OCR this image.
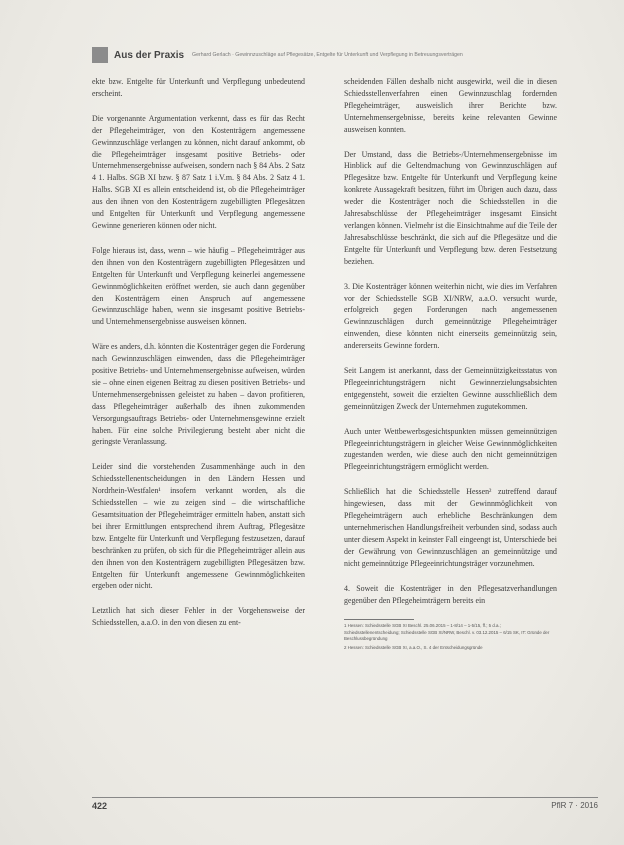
Aus der Praxis Gerhard Gerlach · Gewinnzuschläge auf Pflegesätze, Entgelte für Unterkunft und Verpflegung in Betreuungsverträgen

ekte bzw. Entgelte für Unterkunft und Verpflegung unbedeutend erscheint.

Die vorgenannte Argumentation verkennt, dass es für das Recht der Pflegeheimträger, von den Kostenträgern angemessene Gewinnzuschläge verlangen zu können, nicht darauf ankommt, ob die Pflegeheimträger insgesamt positive Betriebs- oder Unternehmensergebnisse aufweisen, sondern nach § 84 Abs. 2 Satz 4 1. Halbs. SGB XI bzw. § 87 Satz 1 i.V.m. § 84 Abs. 2 Satz 4 1. Halbs. SGB XI es allein entscheidend ist, ob die Pflegeheimträger aus den ihnen von den Kostenträgern zugebilligten Pflegesätzen und Entgelten für Unterkunft und Verpflegung angemessene Gewinne generieren können oder nicht.

Folge hieraus ist, dass, wenn – wie häufig – Pflegeheimträger aus den ihnen von den Kostenträgern zugebilligten Pflegesätzen und Entgelten für Unterkunft und Verpflegung keinerlei angemessene Gewinnmöglichkeiten eröffnet werden, sie auch dann gegenüber den Kostenträgern einen Anspruch auf angemessene Gewinnzuschläge haben, wenn sie insgesamt positive Betriebs- und Unternehmensergebnisse ausweisen können.

Wäre es anders, d.h. könnten die Kostenträger gegen die Forderung nach Gewinnzuschlägen einwenden, dass die Pflegeheimträger positive Betriebs- und Unternehmensergebnisse aufweisen, würden sie – ohne einen eigenen Beitrag zu diesen positiven Betriebs- und Unternehmensergebnissen geleistet zu haben – davon profitieren, dass Pflegeheimträger außerhalb des ihnen zukommenden Versorgungsauftrags Betriebs- oder Unternehmensgewinne erzielt haben. Für eine solche Privilegierung besteht aber nicht die geringste Veranlassung.

Leider sind die vorstehenden Zusammenhänge auch in den Schiedsstellenentscheidungen in den Ländern Hessen und Nordrhein-Westfalen¹ insofern verkannt worden, als die Schiedsstellen – wie zu zeigen sind – die wirtschaftliche Gesamtsituation der Pflegeheimträger ermitteln haben, anstatt sich bei ihrer Ermittlungen entsprechend ihrem Auftrag, Pflegesätze bzw. Entgelte für Unterkunft und Verpflegung festzusetzen, darauf beschränken zu prüfen, ob sich für die Pflegeheimträger allein aus den ihnen von den Kostenträgern zugebilligten Pflegesätzen bzw. Entgelten für Unterkunft angemessene Gewinnmöglichkeiten ergeben oder nicht.

Letztlich hat sich dieser Fehler in der Vorgehensweise der Schiedsstellen, a.a.O. in den von diesen zu ent-

scheidenden Fällen deshalb nicht ausgewirkt, weil die in diesen Schiedsstellenverfahren einen Gewinnzuschlag fordernden Pflegeheimträger, ausweislich ihrer Berichte bzw. Unternehmensergebnisse, bereits keine relevanten Gewinne ausweisen konnten.

Der Umstand, dass die Betriebs-/Unternehmensergebnisse im Hinblick auf die Geltendmachung von Gewinnzuschlägen auf Pflegesätze bzw. Entgelte für Unterkunft und Verpflegung keine konkrete Aussagekraft besitzen, führt im Übrigen auch dazu, dass weder die Kostenträger noch die Schiedsstellen in die Jahresabschlüsse der Pflegeheimträger insgesamt Einsicht verlangen können. Vielmehr ist die Einsichtnahme auf die Teile der Jahresabschlüsse beschränkt, die sich auf die Pflegesätze und die Entgelte für Unterkunft und Verpflegung bzw. deren Festsetzung beziehen.

3. Die Kostenträger können weiterhin nicht, wie dies im Verfahren vor der Schiedsstelle SGB XI/NRW, a.a.O. versucht wurde, erfolgreich gegen Forderungen nach angemessenen Gewinnzuschlägen durch gemeinnützige Pflegeheimträger einwenden, diese könnten nicht einerseits gemeinnützig sein, andererseits Gewinne fordern.

Seit Langem ist anerkannt, dass der Gemeinnützigkeitsstatus von Pflegeeinrichtungsträgern nicht Gewinnerzielungsabsichten entgegensteht, soweit die erzielten Gewinne ausschließlich dem gemeinnützigen Zweck der Unternehmen zugutekommen.

Auch unter Wettbewerbsgesichtspunkten müssen gemeinnützigen Pflegeeinrichtungsträgern in gleicher Weise Gewinnmöglichkeiten zugestanden werden, wie diese auch den nicht gemeinnützigen Pflegeeinrichtungsträgern ermöglicht werden.

Schließlich hat die Schiedsstelle Hessen² zutreffend darauf hingewiesen, dass mit der Gewinnmöglichkeit von Pflegeheimträgern auch erhebliche Beschränkungen dem unternehmerischen Handlungsfreiheit verbunden sind, sodass auch unter diesem Aspekt in keinster Fall eingeengt ist, Unterschiede bei der Gewährung von Gewinnzuschlägen an gemeinnützige und nicht gemeinnützige Pflegeeinrichtungsträger vorzunehmen.

4. Soweit die Kostenträger in den Pflegesatzverhandlungen gegenüber den Pflegeheimträgern bereits ein

1 Hessen: Schiedsstelle SGB XI Beschl. 25.06.2015 – 1-8/14 – 1-5/15, ff.; 5 d.a.; Schiedsstellenentscheidung; Schiedsstelle SGB XI/NRW, Beschl. v. 03.12.2015 – 6/15 SK, IT: Gründe der Beschlussbegründung

2 Hessen: Schiedsstelle SGB XI, a.a.O., S. 4 der Entscheidungsgründe

422	PflR 7 · 2016
